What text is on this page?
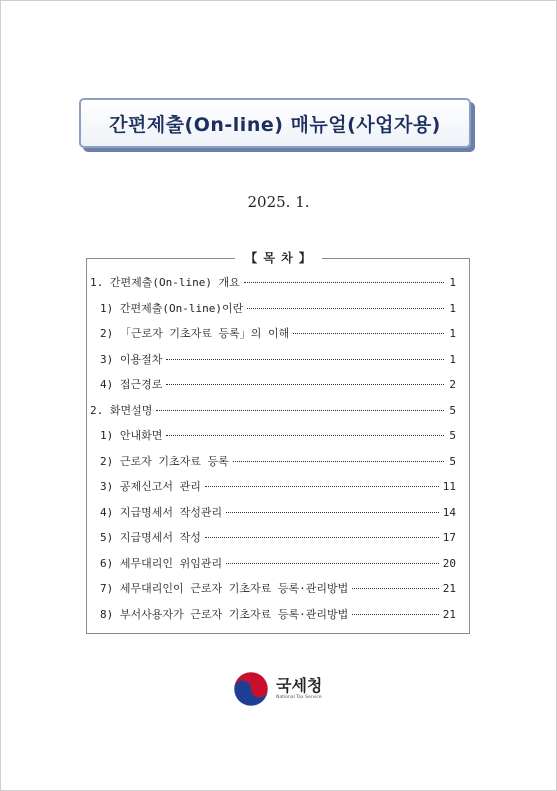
간편제출(On-line) 매뉴얼(사업자용)
2025. 1.
【 목 차 】
1. 간편제출(On-line) 개요	1
1) 간편제출(On-line)이란	1
2) 「근로자 기초자료 등록」의 이해	1
3) 이용절차	1
4) 접근경로	2
2. 화면설명	5
1) 안내화면	5
2) 근로자 기초자료 등록	5
3) 공제신고서 관리	11
4) 지급명세서 작성관리	14
5) 지급명세서 작성	17
6) 세무대리인 위임관리	20
7) 세무대리인이 근로자 기초자료 등록·관리방법	21
8) 부서사용자가 근로자 기초자료 등록·관리방법	21
국세청
National Tax Service
